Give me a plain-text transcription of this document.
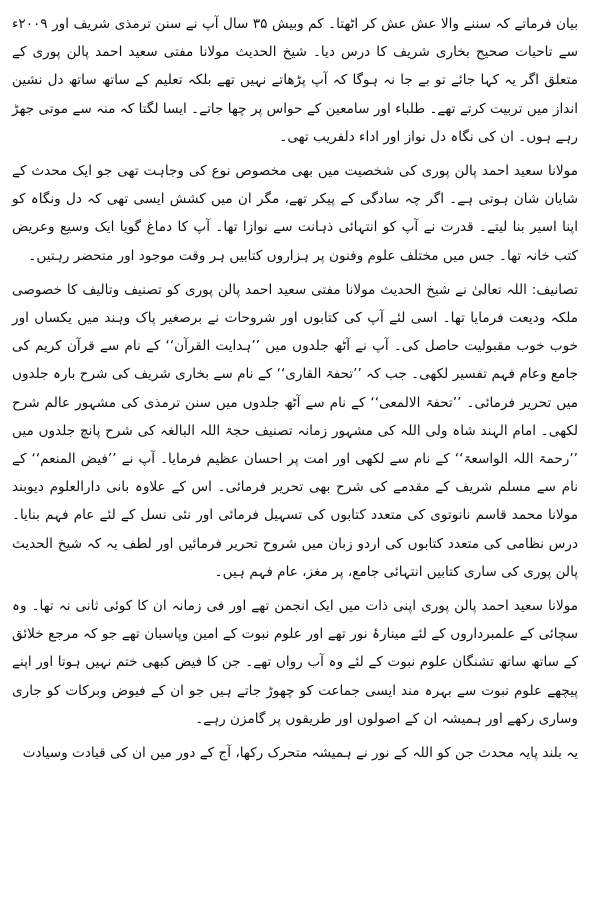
بیان فرماتے کہ سننے والا عش عش کر اٹھتا۔ کم وبیش ۳۵ سال آپ نے سنن ترمذی شریف اور ۲۰۰۹ء سے تاحیات صحیح بخاری شریف کا درس دیا۔ شیخ الحدیث مولانا مفتی سعید احمد پالن پوری کے متعلق اگر یہ کہا جائے تو بے جا نہ ہوگا کہ آپ پڑھاتے نہیں تھے بلکہ تعلیم کے ساتھ ساتھ دل نشین انداز میں تربیت کرتے تھے۔ طلباء اور سامعین کے حواس پر چھا جاتے۔ ایسا لگتا کہ منہ سے موتی جھڑ رہے ہوں۔ ان کی نگاہ دل نواز اور اداء دلفریب تھی۔

مولانا سعید احمد پالن پوری کی شخصیت میں بھی مخصوص نوع کی وجاہت تھی جو ایک محدث کے شایان شان ہوتی ہے۔ اگر چہ سادگی کے پیکر تھے، مگر ان میں کشش ایسی تھی کہ دل ونگاہ کو اپنا اسیر بنا لیتے۔ قدرت نے آپ کو انتہائی ذہانت سے نوازا تھا۔ آپ کا دماغ گویا ایک وسیع وعریض کتب خانہ تھا۔ جس میں مختلف علوم وفنون پر ہزاروں کتابیں ہر وقت موجود اور متحضر رہتیں۔

تصانیف: اللہ تعالیٰ نے شیخ الحدیث مولانا مفتی سعید احمد پالن پوری کو تصنیف وتالیف کا خصوصی ملکہ ودیعت فرمایا تھا۔ اسی لئے آپ کی کتابوں اور شروحات نے برصغیر پاک وہند میں یکساں اور خوب خوب مقبولیت حاصل کی۔ آپ نے آٹھ جلدوں میں ’’ہدایت القرآن‘‘ کے نام سے قرآن کریم کی جامع وعام فہم تفسیر لکھی۔ جب کہ ’’تحفۃ القاری‘‘ کے نام سے بخاری شریف کی شرح بارہ جلدوں میں تحریر فرمائی۔ ’’تحفۃ الالمعی‘‘ کے نام سے آٹھ جلدوں میں سنن ترمذی کی مشہور عالم شرح لکھی۔ امام الہند شاہ ولی اللہ کی مشہور زمانہ تصنیف حجۃ اللہ البالغہ کی شرح پانچ جلدوں میں ’’رحمۃ اللہ الواسعۃ‘‘ کے نام سے لکھی اور امت پر احسان عظیم فرمایا۔ آپ نے ’’فیض المنعم‘‘ کے نام سے مسلم شریف کے مقدمے کی شرح بھی تحریر فرمائی۔ اس کے علاوہ بانی دارالعلوم دیوبند مولانا محمد قاسم نانوتوی کی متعدد کتابوں کی تسہیل فرمائی اور نئی نسل کے لئے عام فہم بنایا۔ درس نظامی کی متعدد کتابوں کی اردو زبان میں شروح تحریر فرمائیں اور لطف یہ کہ شیخ الحدیث پالن پوری کی ساری کتابیں انتہائی جامع، پر مغز، عام فہم ہیں۔

مولانا سعید احمد پالن پوری اپنی ذات میں ایک انجمن تھے اور فی زمانہ ان کا کوئی ثانی نہ تھا۔ وہ سچائی کے علمبرداروں کے لئے مینارۂ نور تھے اور علوم نبوت کے امین وپاسبان تھے جو کہ مرجع خلائق کے ساتھ ساتھ تشنگان علوم نبوت کے لئے وہ آب رواں تھے۔ جن کا فیض کبھی ختم نہیں ہوتا اور اپنے پیچھے علوم نبوت سے بہرہ مند ایسی جماعت کو چھوڑ جاتے ہیں جو ان کے فیوض وبرکات کو جاری وساری رکھے اور ہمیشہ ان کے اصولوں اور طریقوں پر گامزن رہے۔

یہ بلند پایہ محدث جن کو اللہ کے نور نے ہمیشہ متحرک رکھا، آج کے دور میں ان کی قیادت وسیادت
